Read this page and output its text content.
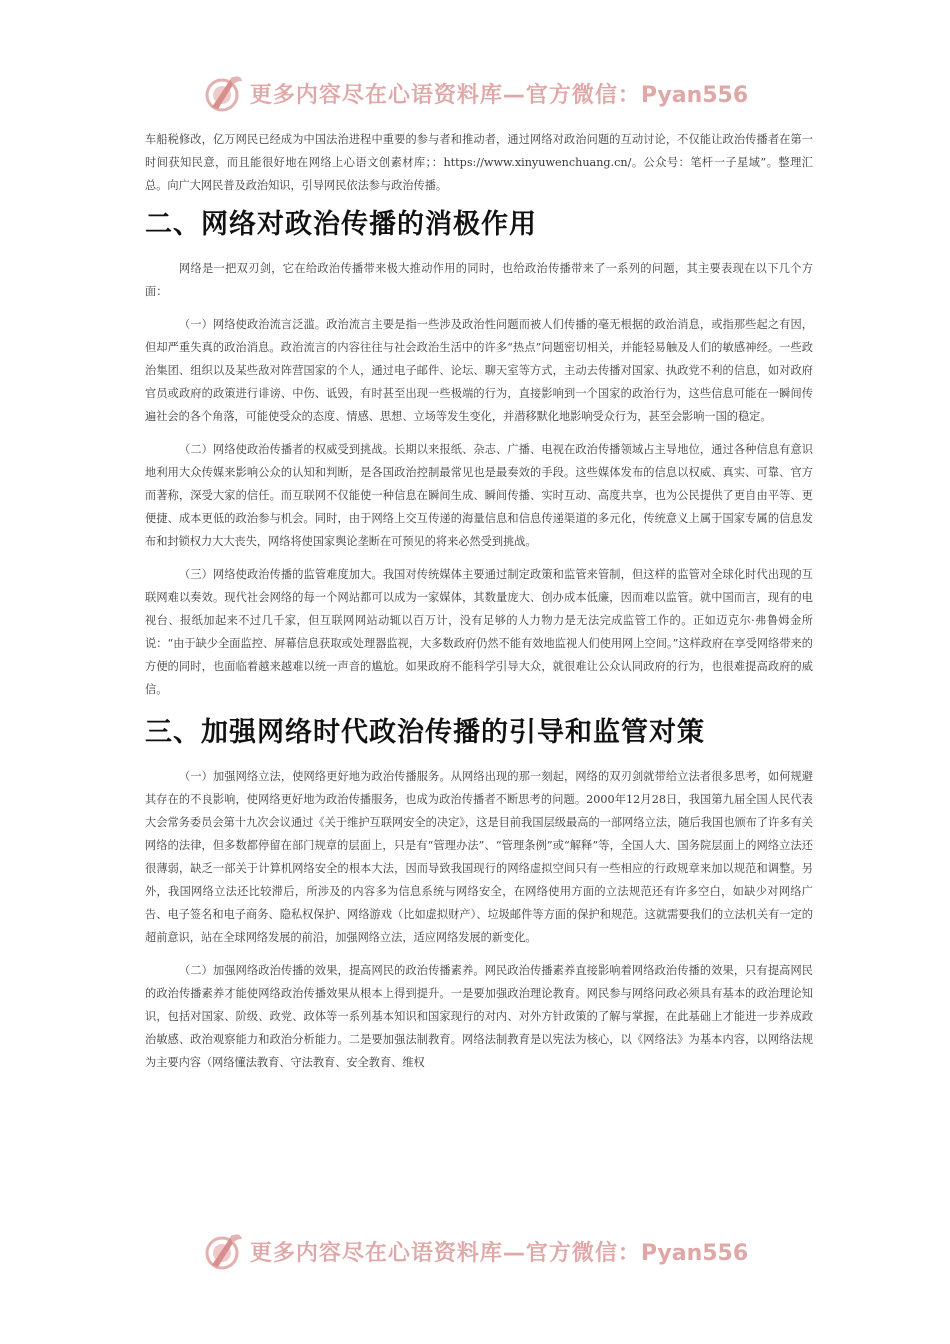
更多内容尽在心语资料库—官方微信：Pyan556

车船税修改，亿万网民已经成为中国法治进程中重要的参与者和推动者，通过网络对政治问题的互动讨论，不仅能让政治传播者在第一时间获知民意，而且能很好地在网络上心语文创素材库；：https://www.xinyuwenchuang.cn/。公众号：笔杆一子星域”。整理汇总。向广大网民普及政治知识，引导网民依法参与政治传播。

二、网络对政治传播的消极作用

网络是一把双刃剑，它在给政治传播带来极大推动作用的同时，也给政治传播带来了一系列的问题，其主要表现在以下几个方面：

（一）网络使政治流言泛滥。政治流言主要是指一些涉及政治性问题而被人们传播的毫无根据的政治消息，或指那些起之有因，但却严重失真的政治消息。政治流言的内容往往与社会政治生活中的许多“热点”问题密切相关，并能轻易触及人们的敏感神经。一些政治集团、组织以及某些敌对阵营国家的个人，通过电子邮件、论坛、聊天室等方式，主动去传播对国家、执政党不利的信息，如对政府官员或政府的政策进行诽谤、中伤、诋毁，有时甚至出现一些极端的行为，直接影响到一个国家的政治行为，这些信息可能在一瞬间传遍社会的各个角落，可能使受众的态度、情感、思想、立场等发生变化，并潜移默化地影响受众行为，甚至会影响一国的稳定。

（二）网络使政治传播者的权威受到挑战。长期以来报纸、杂志、广播、电视在政治传播领域占主导地位，通过各种信息有意识地利用大众传媒来影响公众的认知和判断，是各国政治控制最常见也是最奏效的手段。这些媒体发布的信息以权威、真实、可靠、官方而著称，深受大家的信任。而互联网不仅能使一种信息在瞬间生成、瞬间传播、实时互动、高度共享，也为公民提供了更自由平等、更便捷、成本更低的政治参与机会。同时，由于网络上交互传递的海量信息和信息传递渠道的多元化，传统意义上属于国家专属的信息发布和封锁权力大大丧失，网络将使国家舆论垄断在可预见的将来必然受到挑战。

（三）网络使政治传播的监管难度加大。我国对传统媒体主要通过制定政策和监管来管制，但这样的监管对全球化时代出现的互联网难以奏效。现代社会网络的每一个网站都可以成为一家媒体，其数量庞大、创办成本低廉，因而难以监管。就中国而言，现有的电视台、报纸加起来不过几千家，但互联网网站动辄以百万计，没有足够的人力物力是无法完成监管工作的。正如迈克尔·弗鲁姆金所说：“由于缺少全面监控、屏幕信息获取或处理器监视，大多数政府仍然不能有效地监视人们使用网上空间。”这样政府在享受网络带来的方便的同时，也面临着越来越难以统一声音的尴尬。如果政府不能科学引导大众，就很难让公众认同政府的行为，也很难提高政府的威信。

三、加强网络时代政治传播的引导和监管对策

（一）加强网络立法，使网络更好地为政治传播服务。从网络出现的那一刻起，网络的双刃剑就带给立法者很多思考，如何规避其存在的不良影响，使网络更好地为政治传播服务，也成为政治传播者不断思考的问题。2000年12月28日，我国第九届全国人民代表大会常务委员会第十九次会议通过《关于维护互联网安全的决定》，这是目前我国层级最高的一部网络立法，随后我国也颁布了许多有关网络的法律，但多数都停留在部门规章的层面上，只是有“管理办法”、“管理条例”或“解释”等，全国人大、国务院层面上的网络立法还很薄弱，缺乏一部关于计算机网络安全的根本大法，因而导致我国现行的网络虚拟空间只有一些相应的行政规章来加以规范和调整。另外，我国网络立法还比较滞后，所涉及的内容多为信息系统与网络安全，在网络使用方面的立法规范还有许多空白，如缺少对网络广告、电子签名和电子商务、隐私权保护、网络游戏（比如虚拟财产）、垃圾邮件等方面的保护和规范。这就需要我们的立法机关有一定的超前意识，站在全球网络发展的前沿，加强网络立法，适应网络发展的新变化。

（二）加强网络政治传播的效果，提高网民的政治传播素养。网民政治传播素养直接影响着网络政治传播的效果，只有提高网民的政治传播素养才能使网络政治传播效果从根本上得到提升。一是要加强政治理论教育。网民参与网络问政必须具有基本的政治理论知识，包括对国家、阶级、政党、政体等一系列基本知识和国家现行的对内、对外方针政策的了解与掌握，在此基础上才能进一步养成政治敏感、政治观察能力和政治分析能力。二是要加强法制教育。网络法制教育是以宪法为核心，以《网络法》为基本内容，以网络法规为主要内容（网络懂法教育、守法教育、安全教育、维权

更多内容尽在心语资料库—官方微信：Pyan556
